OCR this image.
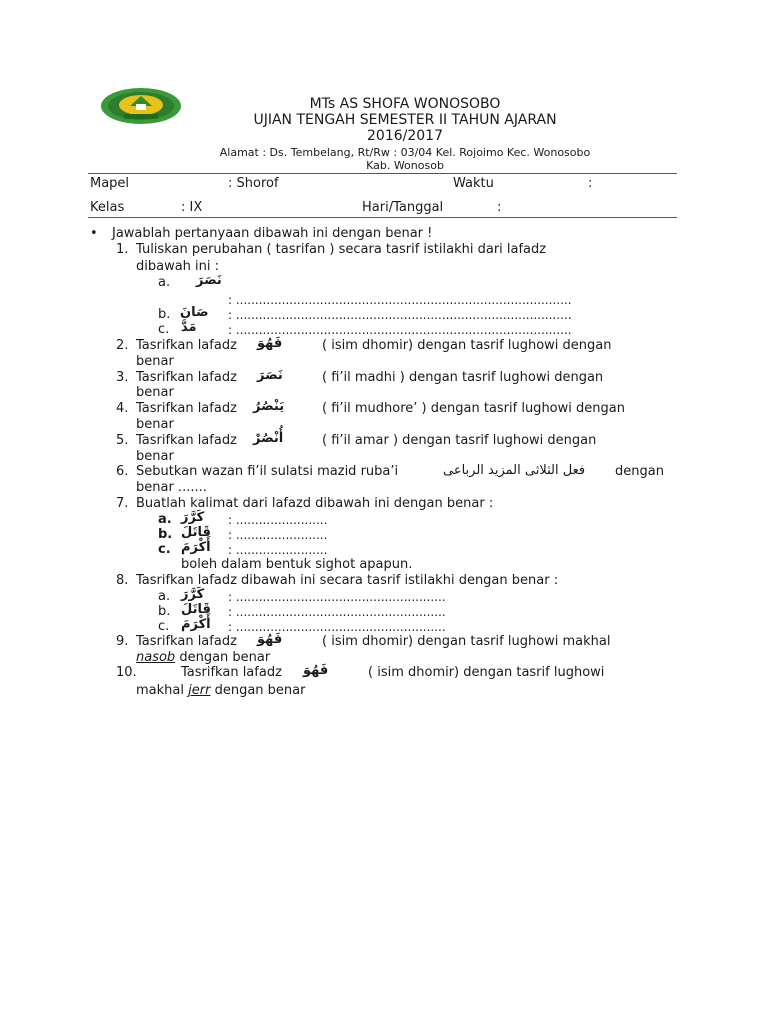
MTs AS SHOFA WONOSOBO
UJIAN TENGAH SEMESTER II TAHUN AJARAN
2016/2017
Alamat : Ds. Tembelang, Rt/Rw : 03/04 Kel. Rojoimo Kec. Wonosobo
Kab. Wonosob
Mapel	: Shorof	Waktu	:
Kelas	: IX	Hari/Tanggal	:
• Jawablah pertanyaan dibawah ini dengan benar !
1. Tuliskan perubahan ( tasrifan ) secara tasrif istilakhi dari lafadz
dibawah ini :
a. نَصَرَ
: ........................................................................................
b. صَانَ : ........................................................................................
c. مَدَّ	: ........................................................................................
2. Tasrifkan lafadz فَهُوَ	( isim dhomir) dengan tasrif lughowi dengan
benar
3. Tasrifkan lafadz نَصَرَ	( fi’il madhi ) dengan tasrif lughowi dengan
benar
4. Tasrifkan lafadz يَنْصُرُ	( fi’il mudhore’ ) dengan tasrif lughowi dengan
benar
5. Tasrifkan lafadz أُنْصُرْ	( fi’il amar ) dengan tasrif lughowi dengan
benar
6. Sebutkan wazan fi’il sulatsi mazid ruba’i	فعل الثلاثى المزيد الرباعى dengan
benar .......
7. Buatlah kalimat dari lafazd dibawah ini dengan benar :
a. كَرَّرَ : ........................
b. قَاتَلَ : ........................
c. أَكْرَمَ : ........................
boleh dalam bentuk sighot apapun.
8. Tasrifkan lafadz dibawah ini secara tasrif istilakhi dengan benar :
a. كَرَّرَ : .......................................................
b. قَاتَلَ : .......................................................
c. أَكْرَمَ : .......................................................
9. Tasrifkan lafadz فَهُوَ	( isim dhomir) dengan tasrif lughowi makhal
nasob dengan benar
10.	Tasrifkan lafadz فَهُوَ	( isim dhomir) dengan tasrif lughowi
makhal jerr dengan benar
